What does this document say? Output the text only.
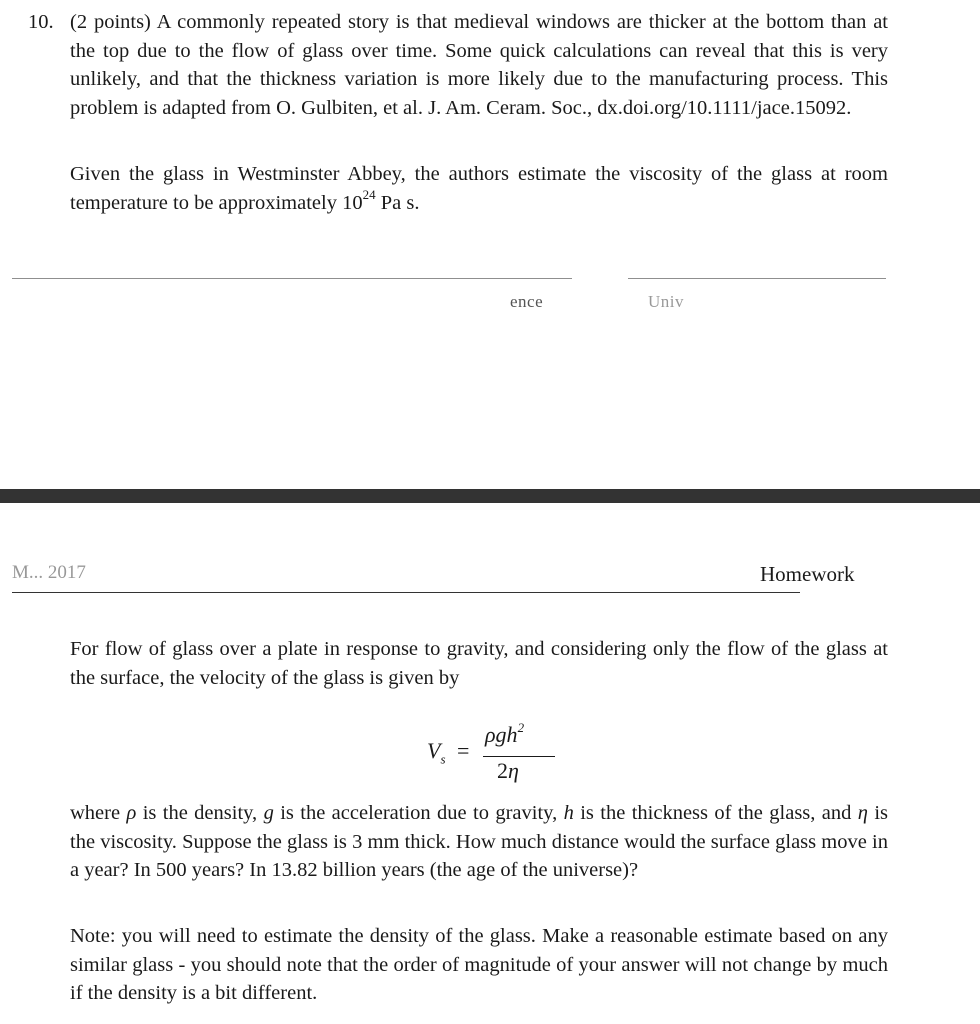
10. (2 points) A commonly repeated story is that medieval windows are thicker at the bottom than at the top due to the flow of glass over time. Some quick calculations can reveal that this is very unlikely, and that the thickness variation is more likely due to the manufacturing process. This problem is adapted from O. Gulbiten, et al. J. Am. Ceram. Soc., dx.doi.org/10.1111/jace.15092.

Given the glass in Westminster Abbey, the authors estimate the viscosity of the glass at room temperature to be approximately $10^{24}$ Pa s.

ence	Univ
M... 2017	Homework

For flow of glass over a plate in response to gravity, and considering only the flow of the glass at the surface, the velocity of the glass is given by

$V_s$ =
ρgh$^2$
2η

where ρ is the density, g is the acceleration due to gravity, h is the thickness of the glass, and η is the viscosity. Suppose the glass is 3 mm thick. How much distance would the surface glass move in a year? In 500 years? In 13.82 billion years (the age of the universe)?

Note: you will need to estimate the density of the glass. Make a reasonable estimate based on any similar glass - you should note that the order of magnitude of your answer will not change by much if the density is a bit different.
